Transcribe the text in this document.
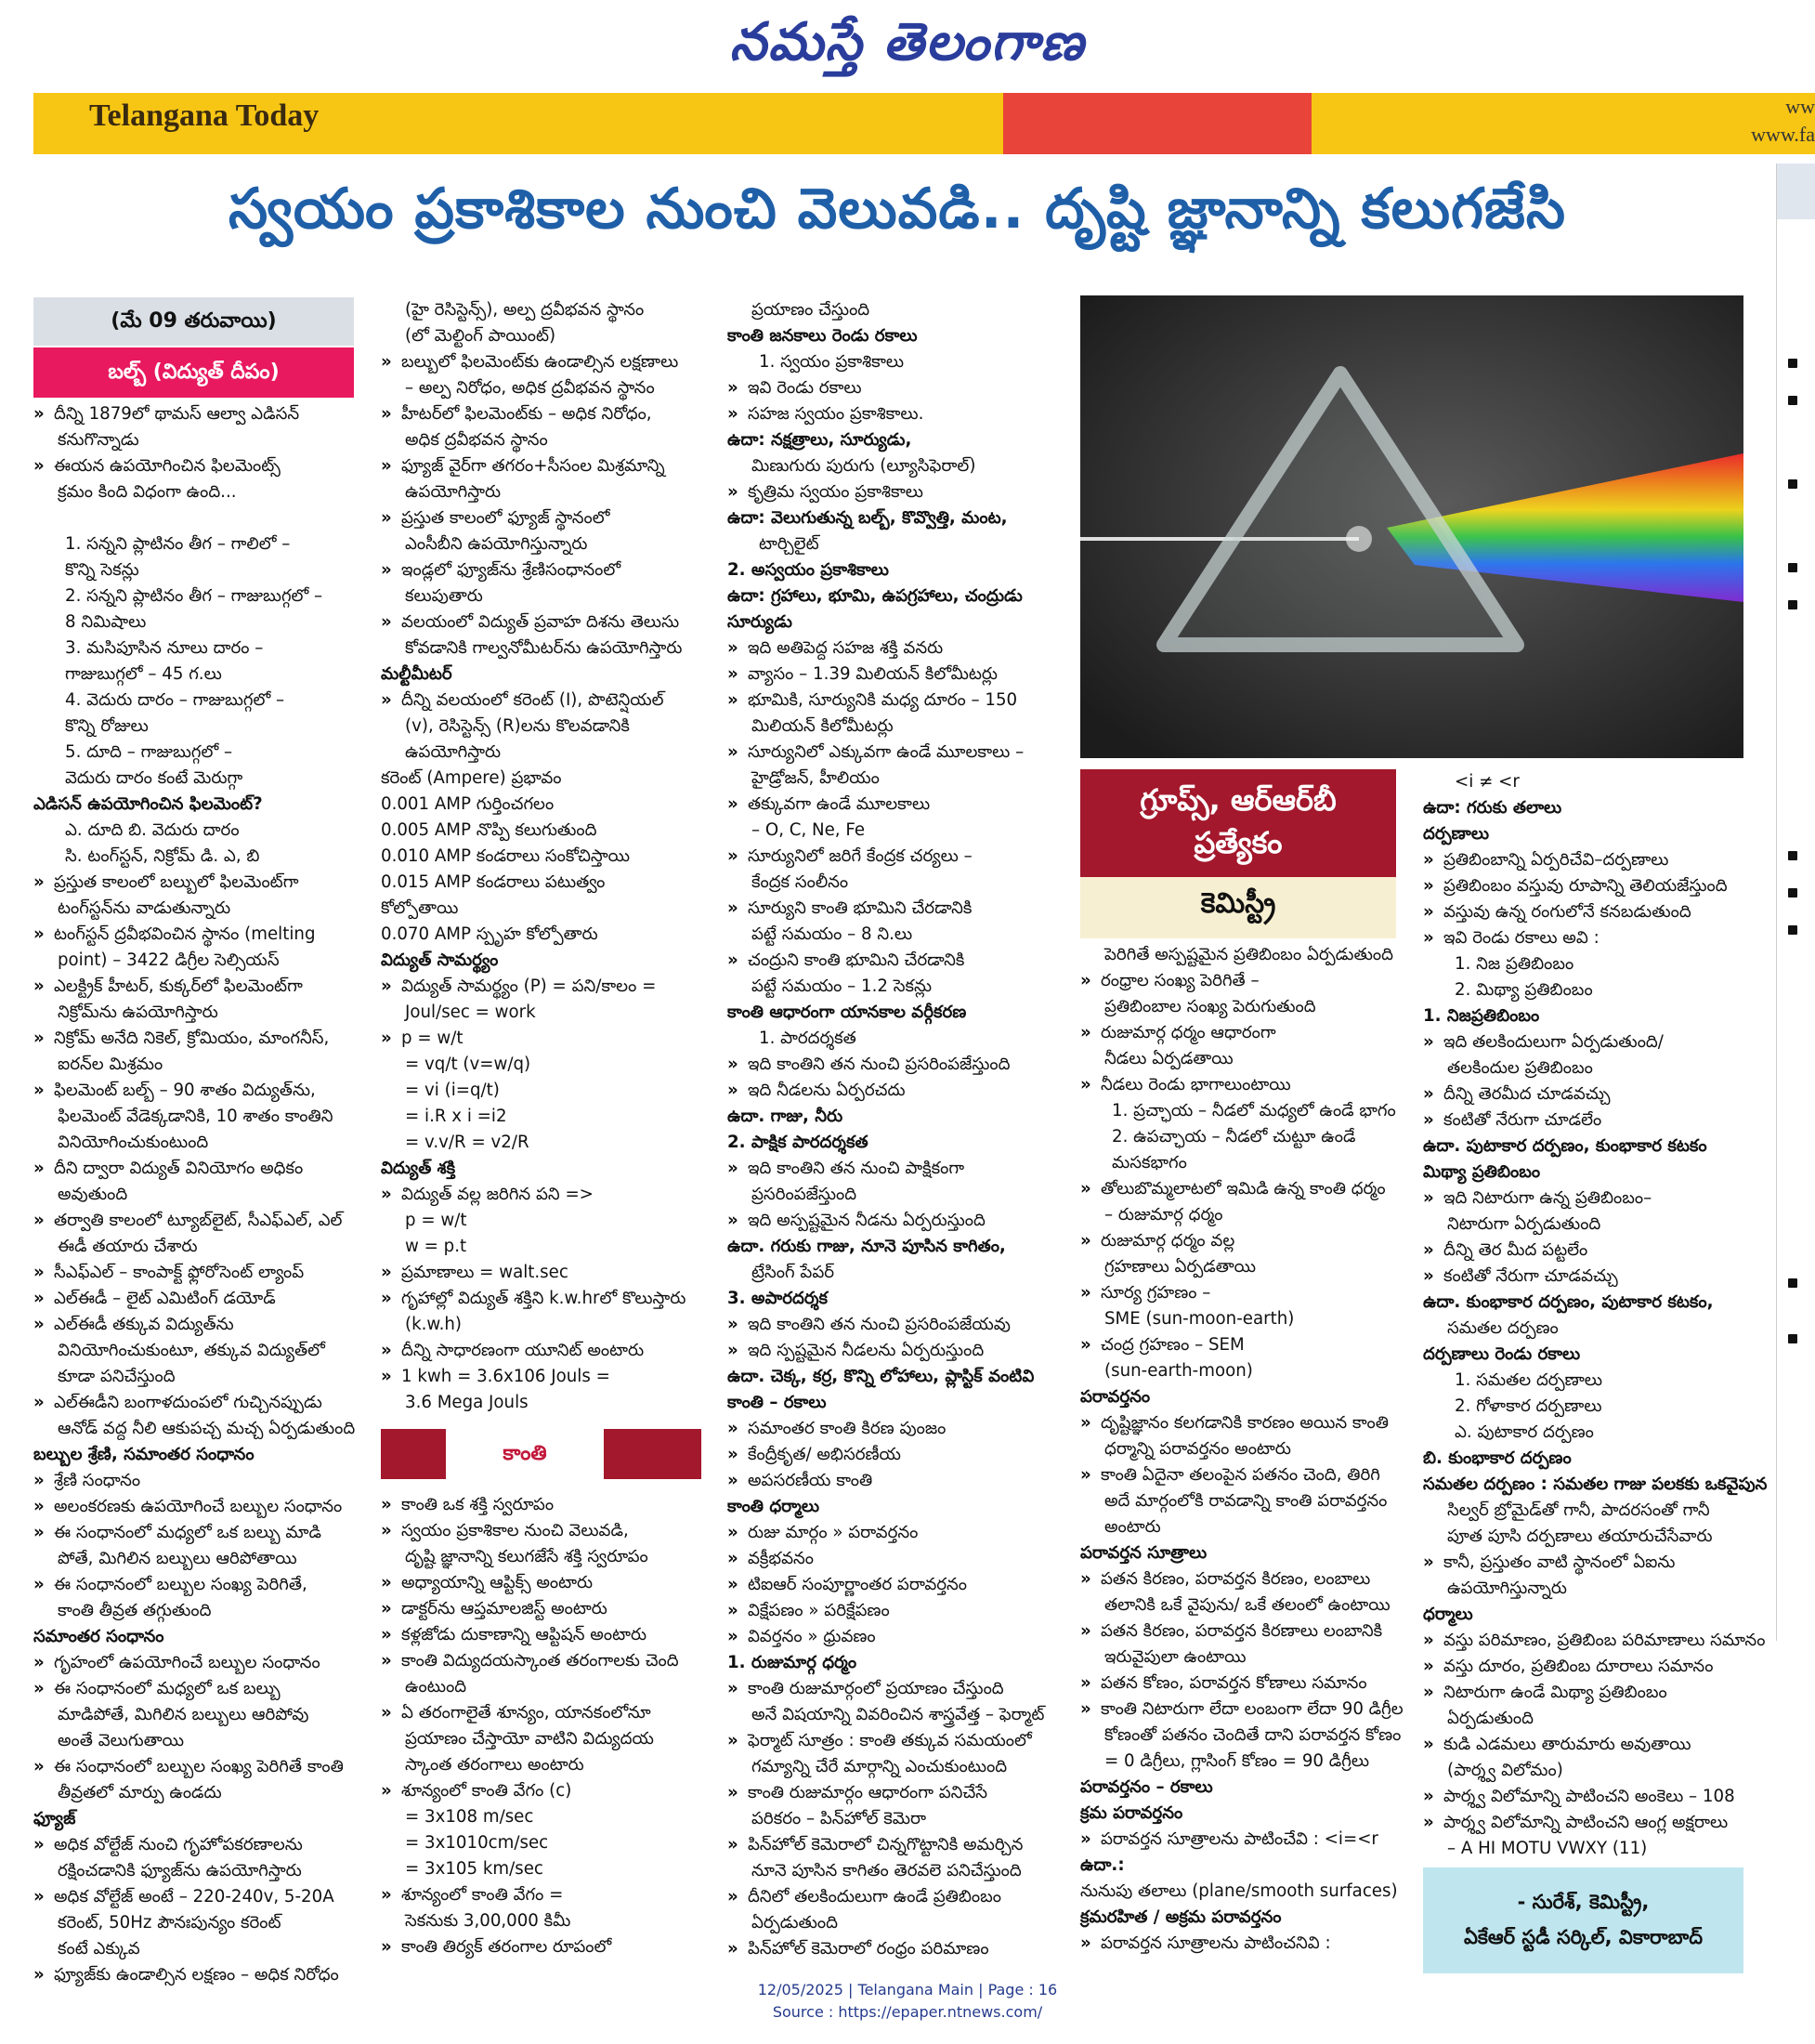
నమస్తే తెలంగాణ
Telangana Today	ww
www.fa
స్వయం ప్రకాశికాల నుంచి వెలువడి.. దృష్టి జ్ఞానాన్ని కలుగజేసి
(మే 09 తరువాయి)
బల్బ్ (విద్యుత్ దీపం)

» దీన్ని 1879లో థామస్ ఆల్వా ఎడిసన్

కనుగొన్నాడు

» ఈయన ఉపయోగించిన ఫిలమెంట్స్

క్రమం కింది విధంగా ఉంది...

1. సన్నని ప్లాటినం తీగ – గాలిలో –

కొన్ని సెకన్లు

2. సన్నని ప్లాటినం తీగ – గాజుబుగ్గలో –

8 నిమిషాలు

3. మసిపూసిన నూలు దారం –

గాజుబుగ్గలో – 45 గ.లు

4. వెదురు దారం – గాజుబుగ్గలో –

కొన్ని రోజులు

5. దూది – గాజుబుగ్గలో –

వెదురు దారం కంటే మెరుగ్గా

ఎడిసన్ ఉపయోగించిన ఫిలమెంట్?

ఎ. దూది బి. వెదురు దారం

సి. టంగ్‌స్టన్, నిక్రోమ్ డి. ఎ, బి

» ప్రస్తుత కాలంలో బల్బులో ఫిలమెంట్‌గా

టంగ్‌స్టన్‌ను వాడుతున్నారు

» టంగ్‌స్టన్ ద్రవీభవించిన స్థానం (melting

point) – 3422 డిగ్రీల సెల్సియస్

» ఎలక్ట్రిక్ హీటర్, కుక్కర్‌లో ఫిలమెంట్‌గా

నిక్రోమ్‌ను ఉపయోగిస్తారు

» నిక్రోమ్ అనేది నికెల్, క్రోమియం, మాంగనీస్,

ఐరన్‌ల మిశ్రమం

» ఫిలమెంట్ బల్బ్ – 90 శాతం విద్యుత్‌ను,

ఫిలమెంట్ వేడెక్కడానికి, 10 శాతం కాంతిని

వినియోగించుకుంటుంది

» దీని ద్వారా విద్యుత్ వినియోగం అధికం

అవుతుంది

» తర్వాతి కాలంలో ట్యూబ్‌లైట్, సీఎఫ్‌ఎల్, ఎల్

ఈడీ తయారు చేశారు

» సీఎఫ్‌ఎల్ – కాంపాక్ట్ ఫ్లోరోసెంట్ ల్యాంప్

» ఎల్‌ఈడీ – లైట్ ఎమిటింగ్ డయోడ్

» ఎల్‌ఈడీ తక్కువ విద్యుత్‌ను

వినియోగించుకుంటూ, తక్కువ విద్యుత్‌లో

కూడా పనిచేస్తుంది

» ఎల్‌ఈడీని బంగాళదుంపలో గుచ్చినప్పుడు

ఆనోడ్ వద్ద నీలి ఆకుపచ్చ మచ్చ ఏర్పడుతుంది

బల్బుల శ్రేణి, సమాంతర సంధానం

» శ్రేణి సంధానం

» అలంకరణకు ఉపయోగించే బల్బుల సంధానం

» ఈ సంధానంలో మధ్యలో ఒక బల్బు మాడి

పోతే, మిగిలిన బల్బులు ఆరిపోతాయి

» ఈ సంధానంలో బల్బుల సంఖ్య పెరిగితే,

కాంతి తీవ్రత తగ్గుతుంది

సమాంతర సంధానం

» గృహంలో ఉపయోగించే బల్బుల సంధానం

» ఈ సంధానంలో మధ్యలో ఒక బల్బు

మాడిపోతే, మిగిలిన బల్బులు ఆరిపోవు

అంతే వెలుగుతాయి

» ఈ సంధానంలో బల్బుల సంఖ్య పెరిగితే కాంతి

తీవ్రతలో మార్పు ఉండదు

ఫ్యూజ్

» అధిక వోల్టేజ్ నుంచి గృహోపకరణాలను

రక్షించడానికి ఫ్యూజ్‌ను ఉపయోగిస్తారు

» అధిక వోల్టేజ్ అంటే – 220-240v, 5-20A

కరెంట్, 50Hz పౌనఃపున్యం కరెంట్

కంటే ఎక్కువ

» ఫ్యూజ్‌కు ఉండాల్సిన లక్షణం – అధిక నిరోధం

(హై రెసిస్టెన్స్), అల్ప ద్రవీభవన స్థానం

(లో మెల్టింగ్ పాయింట్)

» బల్బులో ఫిలమెంట్‌కు ఉండాల్సిన లక్షణాలు

– అల్ప నిరోధం, అధిక ద్రవీభవన స్థానం

» హీటర్‌లో ఫిలమెంట్‌కు – అధిక నిరోధం,

అధిక ద్రవీభవన స్థానం

» ఫ్యూజ్ వైర్‌గా తగరం+సీసంల మిశ్రమాన్ని

ఉపయోగిస్తారు

» ప్రస్తుత కాలంలో ఫ్యూజ్ స్థానంలో

ఎంసీబీని ఉపయోగిస్తున్నారు

» ఇండ్లలో ఫ్యూజ్‌ను శ్రేణిసంధానంలో

కలుపుతారు

» వలయంలో విద్యుత్ ప్రవాహ దిశను తెలుసు

కోవడానికి గాల్వనోమీటర్‌ను ఉపయోగిస్తారు

మల్టీమీటర్

» దీన్ని వలయంలో కరెంట్ (I), పొటెన్షియల్

(v), రెసిస్టెన్స్ (R)లను కొలవడానికి

ఉపయోగిస్తారు

కరెంట్ (Ampere) ప్రభావం

0.001 AMP గుర్తించగలం

0.005 AMP నొప్పి కలుగుతుంది

0.010 AMP కండరాలు సంకోచిస్తాయి

0.015 AMP కండరాలు పటుత్వం

కోల్పోతాయి

0.070 AMP స్పృహ కోల్పోతారు

విద్యుత్ సామర్థ్యం

» విద్యుత్ సామర్థ్యం (P) = పని/కాలం =

Joul/sec = work

» p = w/t

= vq/t (v=w/q)

= vi (i=q/t)

= i.R x i =i2

= v.v/R = v2/R

విద్యుత్ శక్తి

» విద్యుత్ వల్ల జరిగిన పని =>

p = w/t

w = p.t

» ప్రమాణాలు = walt.sec

» గృహాల్లో విద్యుత్ శక్తిని k.w.hrలో కొలుస్తారు

(k.w.h)

» దీన్ని సాధారణంగా యూనిట్ అంటారు

» 1 kwh = 3.6x106 Jouls =

3.6 Mega Jouls

కాంతి

» కాంతి ఒక శక్తి స్వరూపం

» స్వయం ప్రకాశికాల నుంచి వెలువడి,

దృష్టి జ్ఞానాన్ని కలుగజేసే శక్తి స్వరూపం

» అధ్యాయాన్ని ఆప్టిక్స్ అంటారు

» డాక్టర్‌ను ఆప్తమాలజిస్ట్ అంటారు

» కళ్లజోడు దుకాణాన్ని ఆప్టిషన్ అంటారు

» కాంతి విద్యుదయస్కాంత తరంగాలకు చెంది

ఉంటుంది

» ఏ తరంగాలైతే శూన్యం, యానకంలోనూ

ప్రయాణం చేస్తాయో వాటిని విద్యుదయ

స్కాంత తరంగాలు అంటారు

» శూన్యంలో కాంతి వేగం (c)

= 3x108 m/sec

= 3x1010cm/sec

= 3x105 km/sec

» శూన్యంలో కాంతి వేగం =

సెకనుకు 3,00,000 కిమీ

» కాంతి తిర్యక్ తరంగాల రూపంలో

ప్రయాణం చేస్తుంది

కాంతి జనకాలు రెండు రకాలు

1. స్వయం ప్రకాశికాలు

» ఇవి రెండు రకాలు

» సహజ స్వయం ప్రకాశికాలు.

ఉదా: నక్షత్రాలు, సూర్యుడు,

మిణుగురు పురుగు (ల్యూసిఫెరాల్)

» కృత్రిమ స్వయం ప్రకాశికాలు

ఉదా: వెలుగుతున్న బల్బ్, కొవ్వొత్తి, మంట,

టార్చిలైట్

2. అస్వయం ప్రకాశికాలు

ఉదా: గ్రహాలు, భూమి, ఉపగ్రహాలు, చంద్రుడు

సూర్యుడు

» ఇది అతిపెద్ద సహజ శక్తి వనరు

» వ్యాసం – 1.39 మిలియన్ కిలోమీటర్లు

» భూమికి, సూర్యునికి మధ్య దూరం – 150

మిలియన్ కిలోమీటర్లు

» సూర్యునిలో ఎక్కువగా ఉండే మూలకాలు –

హైడ్రోజన్, హీలియం

» తక్కువగా ఉండే మూలకాలు

– O, C, Ne, Fe

» సూర్యునిలో జరిగే కేంద్రక చర్యలు –

కేంద్రక సంలీనం

» సూర్యుని కాంతి భూమిని చేరడానికి

పట్టే సమయం – 8 ని.లు

» చంద్రుని కాంతి భూమిని చేరడానికి

పట్టే సమయం – 1.2 సెకన్లు

కాంతి ఆధారంగా యానకాల వర్గీకరణ

1. పారదర్శకత

» ఇది కాంతిని తన నుంచి ప్రసరింపజేస్తుంది

» ఇది నీడలను ఏర్పరచదు

ఉదా. గాజు, నీరు

2. పాక్షిక పారదర్శకత

» ఇది కాంతిని తన నుంచి పాక్షికంగా

ప్రసరింపజేస్తుంది

» ఇది అస్పష్టమైన నీడను ఏర్పరుస్తుంది

ఉదా. గరుకు గాజు, నూనె పూసిన కాగితం,

ట్రేసింగ్ పేపర్

3. అపారదర్శక

» ఇది కాంతిని తన నుంచి ప్రసరింపజేయవు

» ఇది స్పష్టమైన నీడలను ఏర్పరుస్తుంది

ఉదా. చెక్క, కర్ర, కొన్ని లోహాలు, ప్లాస్టిక్ వంటివి

కాంతి – రకాలు

» సమాంతర కాంతి కిరణ పుంజం

» కేంద్రీకృత/ అభిసరణీయ

» అపసరణీయ కాంతి

కాంతి ధర్మాలు

» రుజు మార్గం » పరావర్తనం

» వక్రీభవనం

» టిఐఆర్ సంపూర్ణాంతర పరావర్తనం

» విక్షేపణం » పరిక్షేపణం

» వివర్తనం » ధ్రువణం

1. రుజుమార్గ ధర్మం

» కాంతి రుజుమార్గంలో ప్రయాణం చేస్తుంది

అనే విషయాన్ని వివరించిన శాస్త్రవేత్త – ఫెర్మాట్

» ఫెర్మాట్ సూత్రం : కాంతి తక్కువ సమయంలో

గమ్యాన్ని చేరే మార్గాన్ని ఎంచుకుంటుంది

» కాంతి రుజుమార్గం ఆధారంగా పనిచేసే

పరికరం – పిన్‌హోల్ కెమెరా

» పిన్‌హోల్ కెమెరాలో చిన్నగొట్టానికి అమర్చిన

నూనె పూసిన కాగితం తెరవలె పనిచేస్తుంది

» దీనిలో తలకిందులుగా ఉండే ప్రతిబింబం

ఏర్పడుతుంది

» పిన్‌హోల్ కెమెరాలో రంధ్రం పరిమాణం

గ్రూప్స్, ఆర్‌ఆర్‌బీ
ప్రత్యేకం
కెమిస్ట్రీ

పెరిగితే అస్పష్టమైన ప్రతిబింబం ఏర్పడుతుంది

» రంధ్రాల సంఖ్య పెరిగితే –

ప్రతిబింబాల సంఖ్య పెరుగుతుంది

» రుజుమార్గ ధర్మం ఆధారంగా

నీడలు ఏర్పడతాయి

» నీడలు రెండు భాగాలుంటాయి

1. ప్రచ్ఛాయ – నీడలో మధ్యలో ఉండే భాగం

2. ఉపచ్ఛాయ – నీడలో చుట్టూ ఉండే

మసకభాగం

» తోలుబొమ్మలాటలో ఇమిడి ఉన్న కాంతి ధర్మం

– రుజుమార్గ ధర్మం

» రుజుమార్గ ధర్మం వల్ల

గ్రహణాలు ఏర్పడతాయి

» సూర్య గ్రహణం –

SME (sun-moon-earth)

» చంద్ర గ్రహణం – SEM

(sun-earth-moon)

పరావర్తనం

» దృష్టిజ్ఞానం కలగడానికి కారణం అయిన కాంతి

ధర్మాన్ని పరావర్తనం అంటారు

» కాంతి ఏదైనా తలంపైన పతనం చెంది, తిరిగి

అదే మార్గంలోకి రావడాన్ని కాంతి పరావర్తనం

అంటారు

పరావర్తన సూత్రాలు

» పతన కిరణం, పరావర్తన కిరణం, లంబాలు

తలానికి ఒకే వైపును/ ఒకే తలంలో ఉంటాయి

» పతన కిరణం, పరావర్తన కిరణాలు లంబానికి

ఇరువైపులా ఉంటాయి

» పతన కోణం, పరావర్తన కోణాలు సమానం

» కాంతి నిటారుగా లేదా లంబంగా లేదా 90 డిగ్రీల

కోణంతో పతనం చెందితే దాని పరావర్తన కోణం

= 0 డిగ్రీలు, గ్లాసింగ్ కోణం = 90 డిగ్రీలు

పరావర్తనం – రకాలు

క్రమ పరావర్తనం

» పరావర్తన సూత్రాలను పాటించేవి : <i=<r

ఉదా.:

నునుపు తలాలు (plane/smooth surfaces)

క్రమరహిత / అక్రమ పరావర్తనం

» పరావర్తన సూత్రాలను పాటించనివి :

<i ≠ <r

ఉదా: గరుకు తలాలు

దర్పణాలు

» ప్రతిబింబాన్ని ఏర్పరిచేవి–దర్పణాలు

» ప్రతిబింబం వస్తువు రూపాన్ని తెలియజేస్తుంది

» వస్తువు ఉన్న రంగులోనే కనబడుతుంది

» ఇవి రెండు రకాలు అవి :

1. నిజ ప్రతిబింబం

2. మిథ్యా ప్రతిబింబం

1. నిజప్రతిబింబం

» ఇది తలకిందులుగా ఏర్పడుతుంది/

తలకిందుల ప్రతిబింబం

» దీన్ని తెరమీద చూడవచ్చు

» కంటితో నేరుగా చూడలేం

ఉదా. పుటాకార దర్పణం, కుంభాకార కటకం

మిథ్యా ప్రతిబింబం

» ఇది నిటారుగా ఉన్న ప్రతిబింబం–

నిటారుగా ఏర్పడుతుంది

» దీన్ని తెర మీద పట్టలేం

» కంటితో నేరుగా చూడవచ్చు

ఉదా. కుంభాకార దర్పణం, పుటాకార కటకం,

సమతల దర్పణం

దర్పణాలు రెండు రకాలు

1. సమతల దర్పణాలు

2. గోళాకార దర్పణాలు

ఎ. పుటాకార దర్పణం

బి. కుంభాకార దర్పణం

సమతల దర్పణం : సమతల గాజు పలకకు ఒకవైపున

సిల్వర్ బ్రోమైడ్‌తో గానీ, పాదరసంతో గానీ

పూత పూసి దర్పణాలు తయారుచేసేవారు

» కానీ, ప్రస్తుతం వాటి స్థానంలో ఏఐను

ఉపయోగిస్తున్నారు

ధర్మాలు

» వస్తు పరిమాణం, ప్రతిబింబ పరిమాణాలు సమానం

» వస్తు దూరం, ప్రతిబింబ దూరాలు సమానం

» నిటారుగా ఉండే మిథ్యా ప్రతిబింబం

ఏర్పడుతుంది

» కుడి ఎడమలు తారుమారు అవుతాయి

(పార్శ్వ విలోమం)

» పార్శ్వ విలోమాన్ని పాటించని అంకెలు – 108

» పార్శ్వ విలోమాన్ని పాటించని ఆంగ్ల అక్షరాలు

– A HI MOTU VWXY (11)

- సురేశ్, కెమిస్ట్రీ,
ఏకేఆర్ స్టడీ సర్కిల్, వికారాబాద్
12/05/2025 | Telangana Main | Page : 16
Source : https://epaper.ntnews.com/
